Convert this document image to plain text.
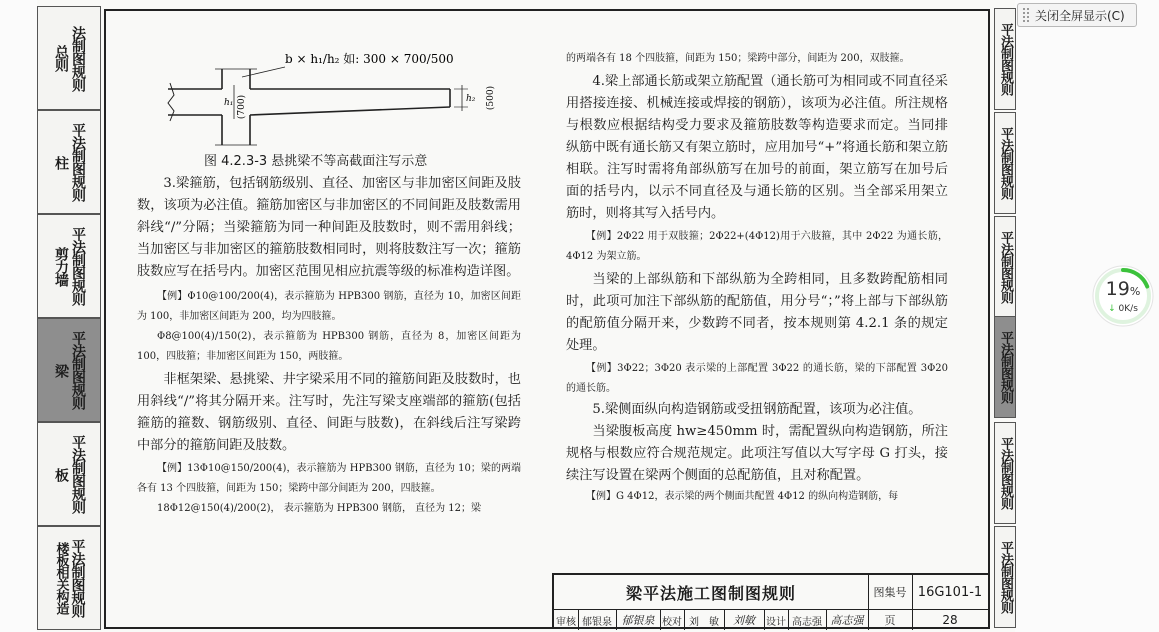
法制图规则
总则
平法制图规则
柱
平法制图规则
剪力墙
平法制图规则
梁
平法制图规则
板
平法制图规则
楼板相关构造
b × h₁/h₂ 如: 300 × 700/500
h₁ (700)	h₂ (500)
图 4.2.3-3 悬挑梁不等高截面注写示意

3.梁箍筋，包括钢筋级别、直径、加密区与非加密区间距及肢数，该项为必注值。箍筋加密区与非加密区的不同间距及肢数需用斜线“/”分隔；当梁箍筋为同一种间距及肢数时，则不需用斜线；当加密区与非加密区的箍筋肢数相同时，则将肢数注写一次；箍筋肢数应写在括号内。加密区范围见相应抗震等级的标准构造详图。

【例】Φ10@100/200(4)，表示箍筋为 HPB300 钢筋，直径为 10，加密区间距为 100，非加密区间距为 200，均为四肢箍。

Φ8@100(4)/150(2)，表示箍筋为 HPB300 钢筋，直径为 8，加密区间距为 100，四肢箍；非加密区间距为 150，两肢箍。

非框架梁、悬挑梁、井字梁采用不同的箍筋间距及肢数时，也用斜线“/”将其分隔开来。注写时，先注写梁支座端部的箍筋(包括箍筋的箍数、钢筋级别、直径、间距与肢数)，在斜线后注写梁跨中部分的箍筋间距及肢数。

【例】13Φ10@150/200(4)，表示箍筋为 HPB300 钢筋，直径为 10；梁的两端各有 13 个四肢箍，间距为 150；梁跨中部分间距为 200，四肢箍。

18Φ12@150(4)/200(2)， 表示箍筋为 HPB300 钢筋， 直径为 12；梁

的两端各有 18 个四肢箍，间距为 150；梁跨中部分，间距为 200，双肢箍。

4.梁上部通长筋或架立筋配置（通长筋可为相同或不同直径采用搭接连接、机械连接或焊接的钢筋），该项为必注值。所注规格与根数应根据结构受力要求及箍筋肢数等构造要求而定。当同排纵筋中既有通长筋又有架立筋时，应用加号“+”将通长筋和架立筋相联。注写时需将角部纵筋写在加号的前面，架立筋写在加号后面的括号内，以示不同直径及与通长筋的区别。当全部采用架立筋时，则将其写入括号内。

【例】2Φ22 用于双肢箍；2Φ22+(4Φ12)用于六肢箍，其中 2Φ22 为通长筋，4Φ12 为架立筋。

当梁的上部纵筋和下部纵筋为全跨相同，且多数跨配筋相同时，此项可加注下部纵筋的配筋值，用分号“；”将上部与下部纵筋的配筋值分隔开来，少数跨不同者，按本规则第 4.2.1 条的规定处理。

【例】3Φ22；3Φ20 表示梁的上部配置 3Φ22 的通长筋，梁的下部配置 3Φ20 的通长筋。

5.梁侧面纵向构造钢筋或受扭钢筋配置，该项为必注值。

当梁腹板高度 hw≥450mm 时，需配置纵向构造钢筋，所注规格与根数应符合规范规定。此项注写值以大写字母 G 打头，接续注写设置在梁两个侧面的总配筋值，且对称配置。

【例】G 4Φ12，表示梁的两个侧面共配置 4Φ12 的纵向构造钢筋，每

梁平法施工图制图规则	图集号 16G101-1
审核 郁银泉 郁银泉 校对 刘　敏	刘敏	设计 高志强 高志强	页	28
平法制图规则
平法制图规则
平法制图规则
平法制图规则
平法制图规则
平法制图规则
关闭全屏显示(C)
19%
↓ 0K/s
